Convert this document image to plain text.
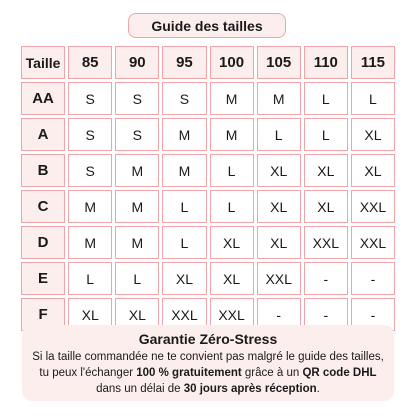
Guide des tailles
Taille	85	90	95	100	105	110	115
AA	S	S	S	M	M	L	L
A	S	S	M	M	L	L	XL
B	S	M	M	L	XL	XL	XL
C	M	M	L	L	XL	XL	XXL
D	M	M	L	XL	XL	XXL	XXL
E	L	L	XL	XL	XXL	-	-
F	XL	XL	XXL	XXL	-	-	-
Garantie Zéro-Stress
Si la taille commandée ne te convient pas malgré le guide des tailles,
tu peux l'échanger 100 % gratuitement grâce à un QR code DHL
dans un délai de 30 jours après réception.
